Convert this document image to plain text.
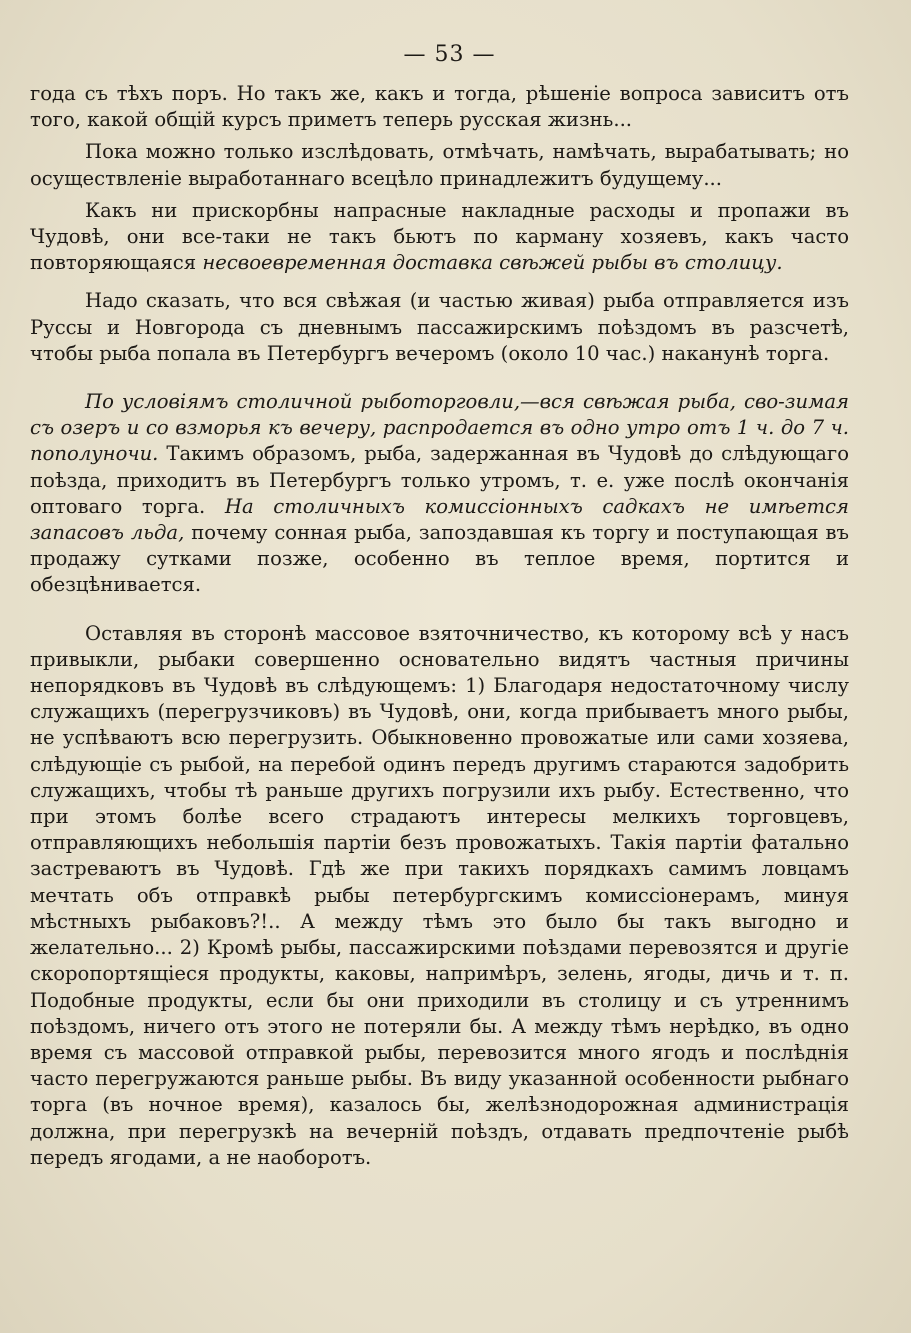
— 53 —

года съ тѣхъ поръ. Но такъ же, какъ и тогда, рѣшеніе вопроса зависитъ отъ того, какой общій курсъ приметъ теперь русская жизнь...

Пока можно только изслѣдовать, отмѣчать, намѣчать, вырабатывать; но осуществленіе выработаннаго всецѣло принадлежитъ будущему...

Какъ ни прискорбны напрасные накладные расходы и пропажи въ Чудовѣ, они все-таки не такъ бьютъ по карману хозяевъ, какъ часто повторяющаяся несвоевременная доставка свѣжей рыбы въ столицу.

Надо сказать, что вся свѣжая (и частью живая) рыба отправляется изъ Руссы и Новгорода съ дневнымъ пассажирскимъ поѣздомъ въ разсчетѣ, чтобы рыба попала въ Петербургъ вечеромъ (около 10 час.) наканунѣ торга.

По условіямъ столичной рыботорговли,—вся свѣжая рыба, сво-зимая съ озеръ и со взморья къ вечеру, распродается въ одно утро отъ 1 ч. до 7 ч. пополуночи. Такимъ образомъ, рыба, задержанная въ Чудовѣ до слѣдующаго поѣзда, приходитъ въ Петербургъ только утромъ, т. е. уже послѣ окончанія оптоваго торга. На столичныхъ комиссіонныхъ садкахъ не имѣется запасовъ льда, почему сонная рыба, запоздавшая къ торгу и поступающая въ продажу сутками позже, особенно въ теплое время, портится и обезцѣнивается.

Оставляя въ сторонѣ массовое взяточничество, къ которому всѣ у насъ привыкли, рыбаки совершенно основательно видятъ частныя причины непорядковъ въ Чудовѣ въ слѣдующемъ: 1) Благодаря недостаточному числу служащихъ (перегрузчиковъ) въ Чудовѣ, они, когда прибываетъ много рыбы, не успѣваютъ всю перегрузить. Обыкновенно провожатые или сами хозяева, слѣдующіе съ рыбой, на перебой одинъ передъ другимъ стараются задобрить служащихъ, чтобы тѣ раньше другихъ погрузили ихъ рыбу. Естественно, что при этомъ болѣе всего страдаютъ интересы мелкихъ торговцевъ, отправляющихъ небольшія партіи безъ провожатыхъ. Такія партіи фатально застреваютъ въ Чудовѣ. Гдѣ же при такихъ порядкахъ самимъ ловцамъ мечтать объ отправкѣ рыбы петербургскимъ комиссіонерамъ, минуя мѣстныхъ рыбаковъ?!.. А между тѣмъ это было бы такъ выгодно и желательно... 2) Кромѣ рыбы, пассажирскими поѣздами перевозятся и другіе скоропортящіеся продукты, каковы, напримѣръ, зелень, ягоды, дичь и т. п. Подобные продукты, если бы они приходили въ столицу и съ утреннимъ поѣздомъ, ничего отъ этого не потеряли бы. А между тѣмъ нерѣдко, въ одно время съ массовой отправкой рыбы, перевозится много ягодъ и послѣднія часто перегружаются раньше рыбы. Въ виду указанной особенности рыбнаго торга (въ ночное время), казалось бы, желѣзнодорожная администрація должна, при перегрузкѣ на вечерній поѣздъ, отдавать предпочтеніе рыбѣ передъ ягодами, а не наоборотъ.
